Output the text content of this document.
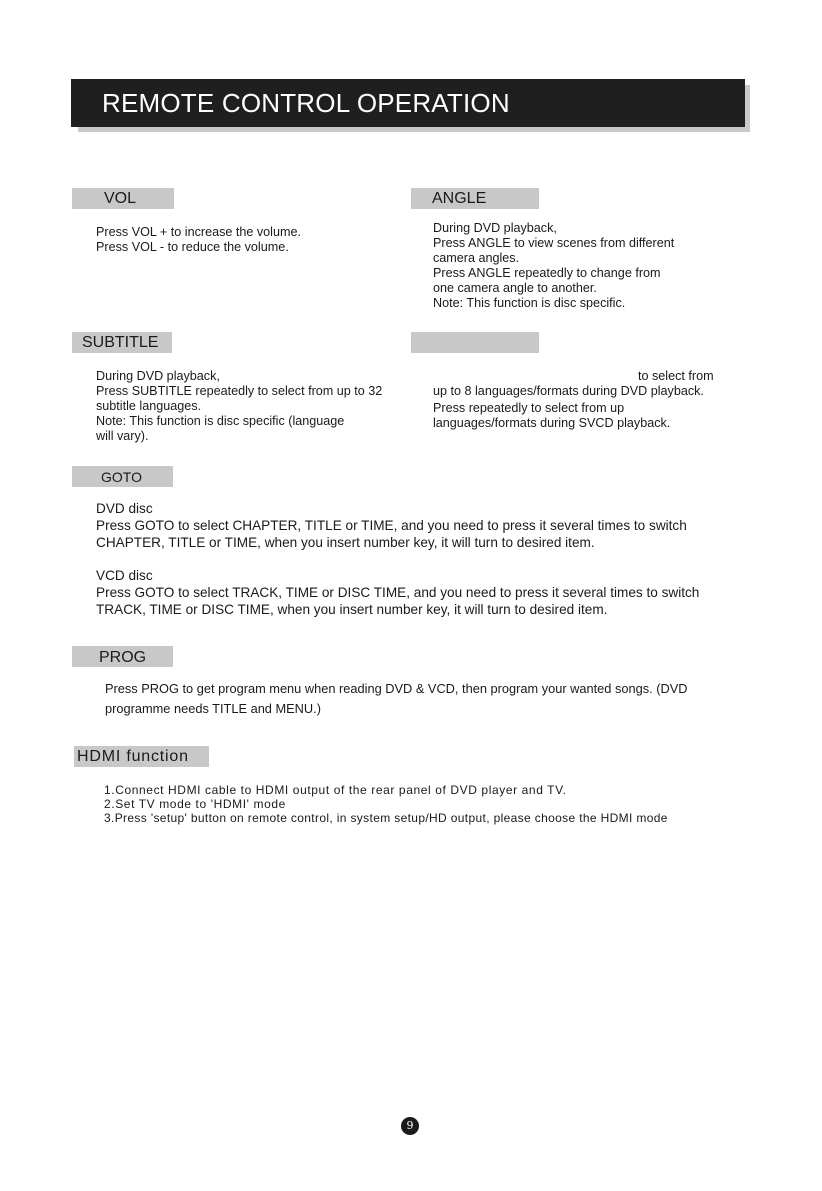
REMOTE CONTROL OPERATION
VOL
Press VOL + to increase the volume.
Press VOL - to reduce the volume.
ANGLE
During DVD playback,
Press ANGLE to view scenes from different
camera angles.
Press ANGLE repeatedly to change from
one camera angle to another.
Note: This function is disc specific.
SUBTITLE
During DVD playback,
Press SUBTITLE repeatedly to select from up to 32
subtitle languages.
Note: This function is disc specific (language
will vary).
to select from
up to 8 languages/formats during DVD playback.
Press repeatedly to select from up
languages/formats during SVCD playback.
GOTO
DVD disc
Press GOTO to select CHAPTER, TITLE or TIME, and you need to press it several times to switch
CHAPTER, TITLE or TIME, when you insert number key, it will turn to desired item.
VCD disc
Press GOTO to select TRACK, TIME or DISC TIME, and you need to press it several times to switch
TRACK, TIME or DISC TIME, when you insert number key, it will turn to desired item.
PROG
Press PROG to get program menu when reading DVD & VCD, then program your wanted songs. (DVD
programme needs TITLE and MENU.)
HDMI function
1.Connect HDMI cable to HDMI output of the rear panel of DVD player and TV.
2.Set TV mode to 'HDMI' mode
3.Press 'setup' button on remote control, in system setup/HD output, please choose the HDMI mode
9
